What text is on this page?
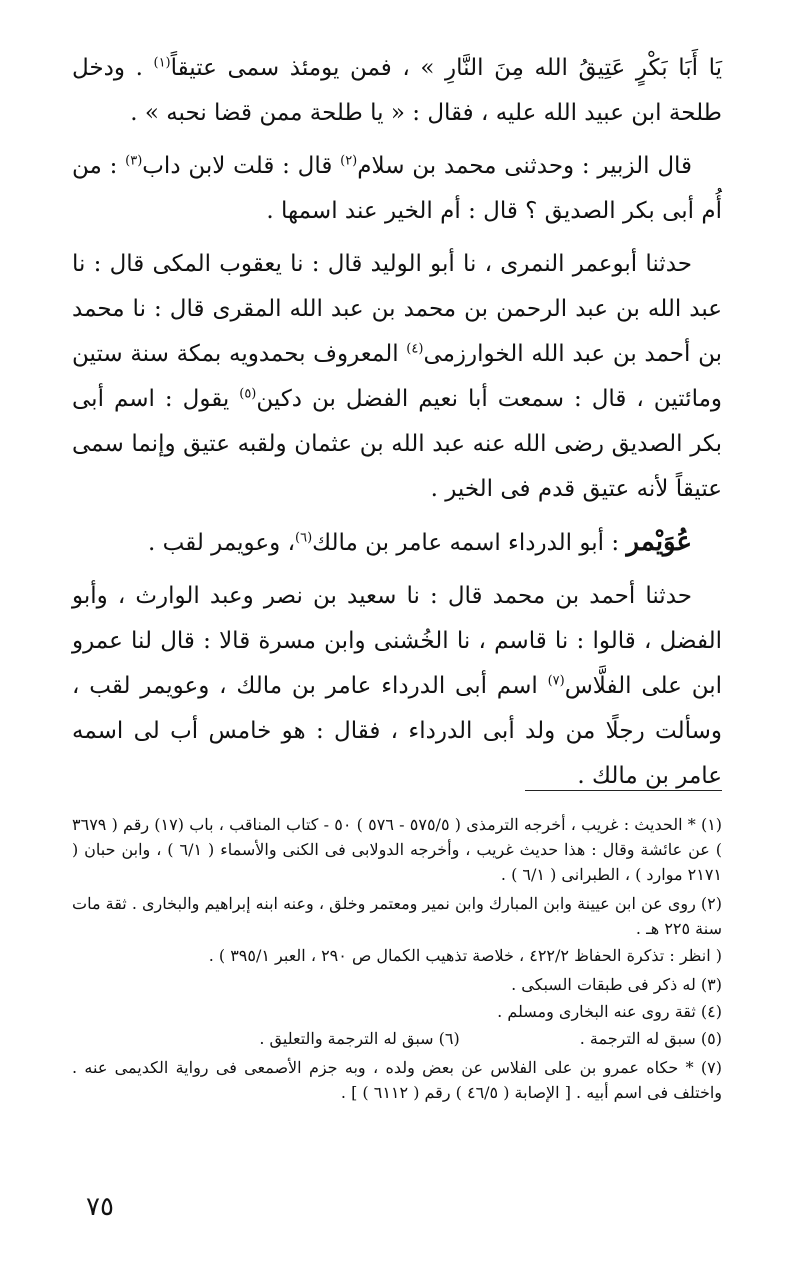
يَا أَبَا بَكْرٍ عَتِيقُ الله مِنَ النَّارِ » ، فمن يومئذ سمى عتيقاً$^{(١)}$ . ودخل طلحة ابن عبيد الله عليه ، فقال : « يا طلحة ممن قضا نحبه » .

قال الزبير : وحدثنى محمد بن سلام$^{(٢)}$ قال : قلت لابن داب$^{(٣)}$ : من أُم أبى بكر الصديق ؟ قال : أم الخير عند اسمها .

حدثنا أبوعمر النمرى ، نا أبو الوليد قال : نا يعقوب المكى قال : نا عبد الله بن عبد الرحمن بن محمد بن عبد الله المقرى قال : نا محمد بن أحمد بن عبد الله الخوارزمى$^{(٤)}$ المعروف بحمدويه بمكة سنة ستين ومائتين ، قال : سمعت أبا نعيم الفضل بن دكين$^{(٥)}$ يقول : اسم أبى بكر الصديق رضى الله عنه عبد الله بن عثمان ولقبه عتيق وإنما سمى عتيقاً لأنه عتيق قدم فى الخير .

عُوَيْمر : أبو الدرداء اسمه عامر بن مالك$^{(٦)}$، وعويمر لقب .

حدثنا أحمد بن محمد قال : نا سعيد بن نصر وعبد الوارث ، وأبو الفضل ، قالوا : نا قاسم ، نا الخُشنى وابن مسرة قالا : قال لنا عمرو ابن على الفلَّاس$^{(٧)}$ اسم أبى الدرداء عامر بن مالك ، وعويمر لقب ، وسألت رجلًا من ولد أبى الدرداء ، فقال : هو خامس أب لى اسمه عامر بن مالك .

(١) * الحديث : غريب ، أخرجه الترمذى ( ٥٧٥/٥ - ٥٧٦ ) ٥٠ - كتاب المناقب ، باب (١٧) رقم ( ٣٦٧٩ ) عن عائشة وقال : هذا حديث غريب ، وأخرجه الدولابى فى الكنى والأسماء ( ٦/١ ) ، وابن حبان ( ٢١٧١ موارد ) ، الطبرانى ( ٦/١ ) .

(٢) روى عن ابن عيينة وابن المبارك وابن نمير ومعتمر وخلق ، وعنه ابنه إبراهيم والبخارى . ثقة مات سنة ٢٢٥ هـ .

( انظر : تذكرة الحفاظ ٤٢٢/٢ ، خلاصة تذهيب الكمال ص ٢٩٠ ، العبر ٣٩٥/١ ) .

(٣) له ذكر فى طبقات السبكى .

(٤) ثقة روى عنه البخارى ومسلم .

(٥) سبق له الترجمة .
(٦) سبق له الترجمة والتعليق .

(٧) * حكاه عمرو بن على الفلاس عن بعض ولده ، وبه جزم الأصمعى فى رواية الكديمى عنه . واختلف فى اسم أبيه . [ الإصابة ( ٤٦/٥ ) رقم ( ٦١١٢ ) ] .

٧٥
